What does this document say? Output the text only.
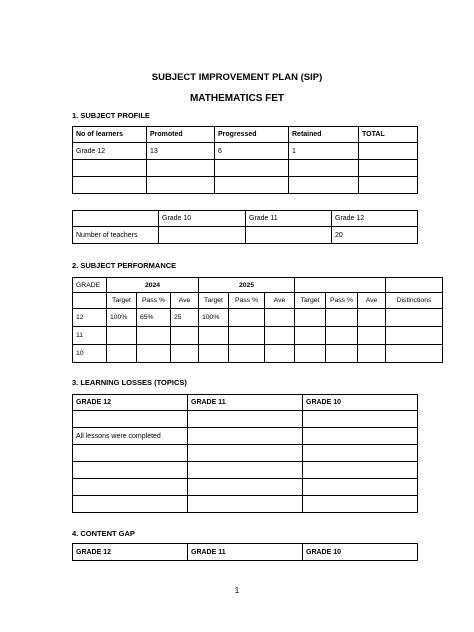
SUBJECT IMPROVEMENT PLAN (SIP)
MATHEMATICS FET
1. SUBJECT PROFILE
No of learners	Promoted	Progressed	Retained	TOTAL
Grade 12	13	6	1	

	Grade 10	Grade 11	Grade 12
Number of teachers			20
2. SUBJECT PERFORMANCE
GRADE	2024			2025						
	Target	Pass %	Ave	Target	Pass %	Ave	Target	Pass %	Ave	Distinctions
12	100%	65%	25	100%						
11										
10										
3. LEARNING LOSSES (TOPICS)
GRADE 12	GRADE 11	GRADE 10

All lessons were completed		

4. CONTENT GAP
GRADE 12	GRADE 11	GRADE 10
1
